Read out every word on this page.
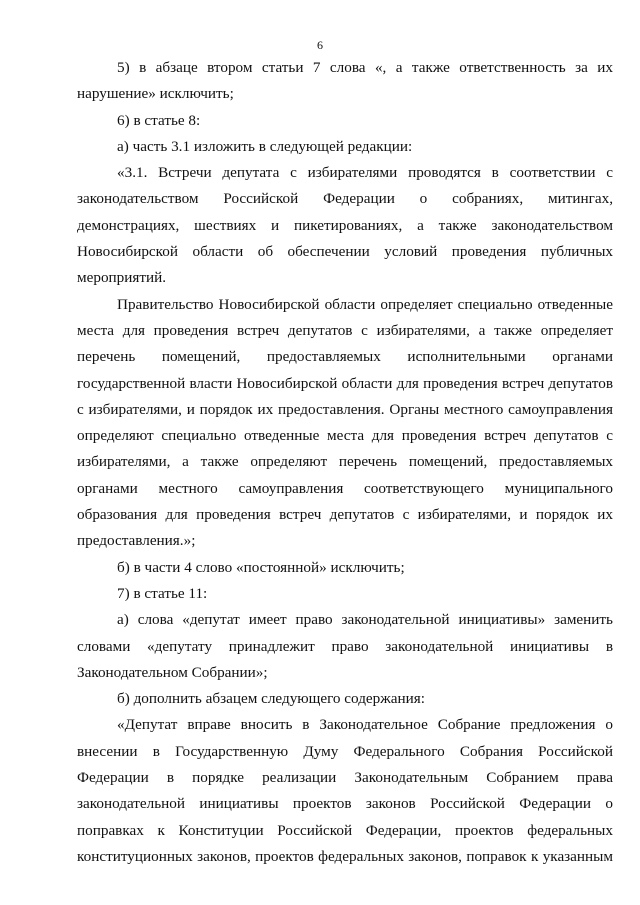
6

5) в абзаце втором статьи 7 слова «, а также ответственность за их нарушение» исключить;

6) в статье 8:

а) часть 3.1 изложить в следующей редакции:

«3.1. Встречи депутата с избирателями проводятся в соответствии с законодательством Российской Федерации о собраниях, митингах, демонстрациях, шествиях и пикетированиях, а также законодательством Новосибирской области об обеспечении условий проведения публичных мероприятий.

Правительство Новосибирской области определяет специально отведенные места для проведения встреч депутатов с избирателями, а также определяет перечень помещений, предоставляемых исполнительными органами государственной власти Новосибирской области для проведения встреч депутатов с избирателями, и порядок их предоставления. Органы местного самоуправления определяют специально отведенные места для проведения встреч депутатов с избирателями, а также определяют перечень помещений, предоставляемых органами местного самоуправления соответствующего муниципального образования для проведения встреч депутатов с избирателями, и порядок их предоставления.»;

б) в части 4 слово «постоянной» исключить;

7) в статье 11:

а) слова «депутат имеет право законодательной инициативы» заменить словами «депутату принадлежит право законодательной инициативы в Законодательном Собрании»;

б) дополнить абзацем следующего содержания:

«Депутат вправе вносить в Законодательное Собрание предложения о внесении в Государственную Думу Федерального Собрания Российской Федерации в порядке реализации Законодательным Собранием права законодательной инициативы проектов законов Российской Федерации о поправках к Конституции Российской Федерации, проектов федеральных конституционных законов, проектов федеральных законов, поправок к указанным
